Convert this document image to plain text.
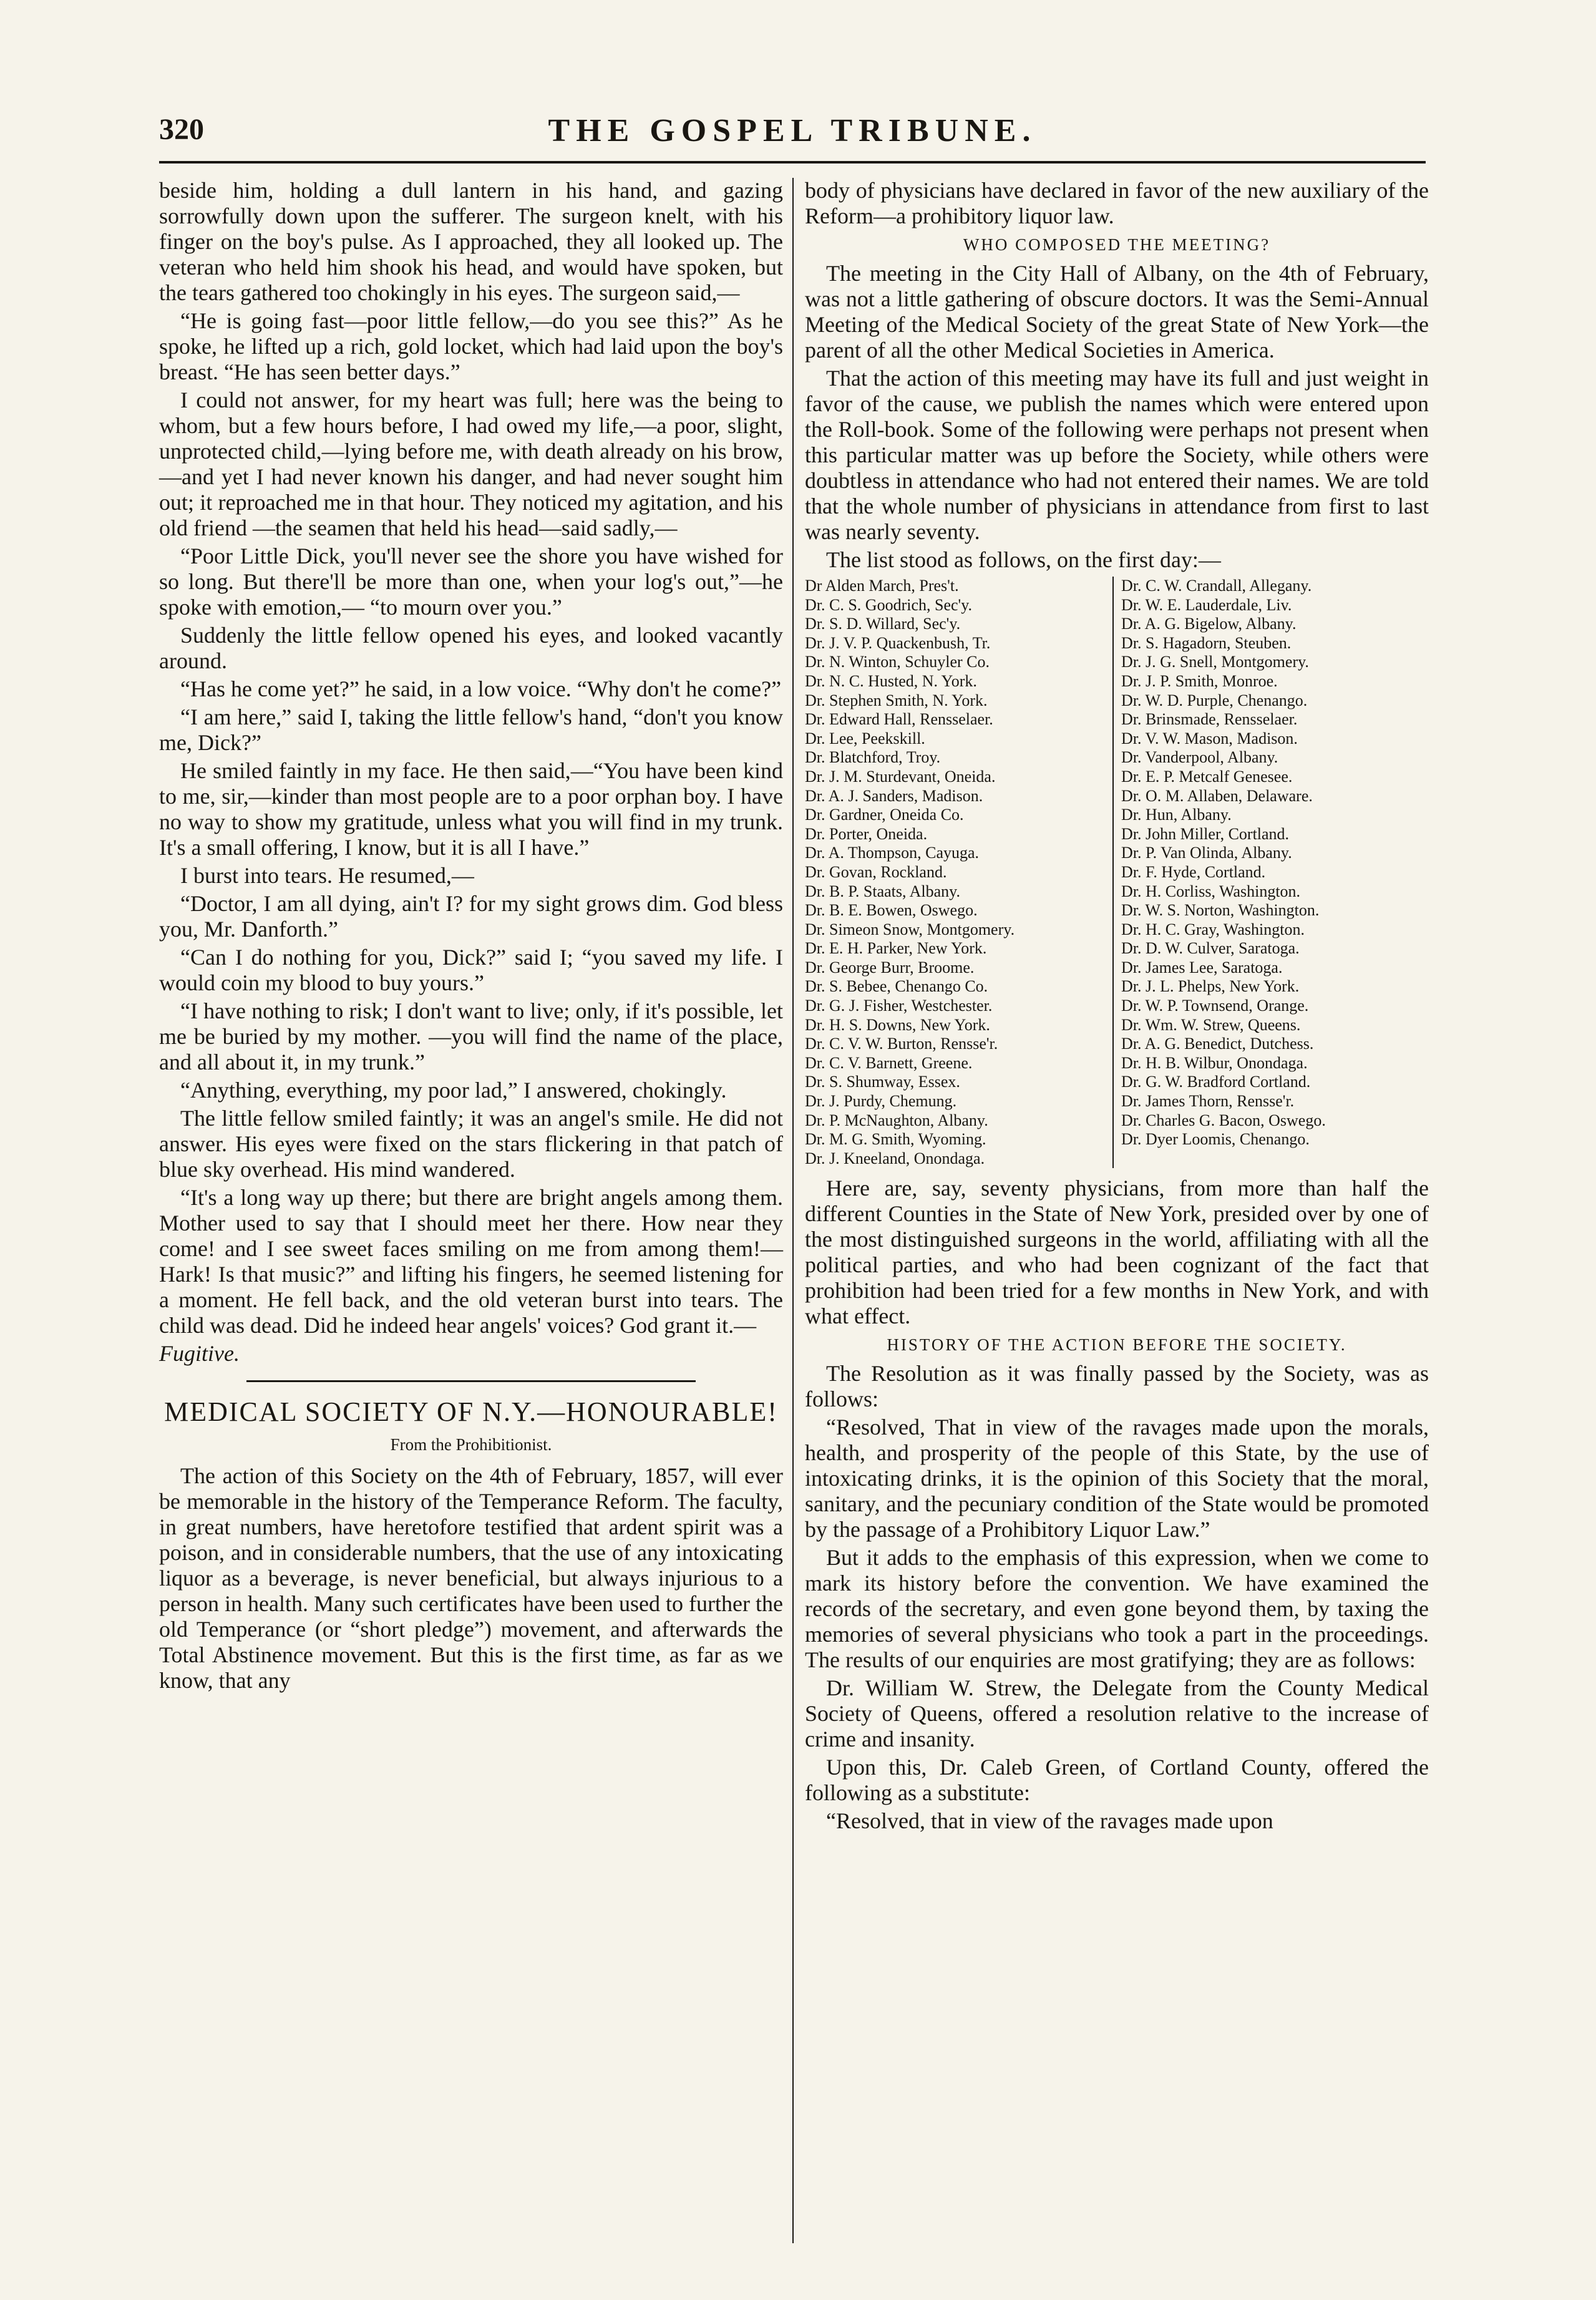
320	THE GOSPEL TRIBUNE.

beside him, holding a dull lantern in his hand, and gazing sorrowfully down upon the sufferer. The surgeon knelt, with his finger on the boy's pulse. As I approached, they all looked up. The veteran who held him shook his head, and would have spoken, but the tears gathered too chokingly in his eyes. The surgeon said,—

“He is going fast—poor little fellow,—do you see this?” As he spoke, he lifted up a rich, gold locket, which had laid upon the boy's breast. “He has seen better days.”

I could not answer, for my heart was full; here was the being to whom, but a few hours before, I had owed my life,—a poor, slight, unprotected child,—lying before me, with death already on his brow,—and yet I had never known his danger, and had never sought him out; it reproached me in that hour. They noticed my agitation, and his old friend —the seamen that held his head—said sadly,—

“Poor Little Dick, you'll never see the shore you have wished for so long. But there'll be more than one, when your log's out,”—he spoke with emotion,— “to mourn over you.”

Suddenly the little fellow opened his eyes, and looked vacantly around.

“Has he come yet?” he said, in a low voice. “Why don't he come?”

“I am here,” said I, taking the little fellow's hand, “don't you know me, Dick?”

He smiled faintly in my face. He then said,—“You have been kind to me, sir,—kinder than most people are to a poor orphan boy. I have no way to show my gratitude, unless what you will find in my trunk. It's a small offering, I know, but it is all I have.”

I burst into tears. He resumed,—

“Doctor, I am all dying, ain't I? for my sight grows dim. God bless you, Mr. Danforth.”

“Can I do nothing for you, Dick?” said I; “you saved my life. I would coin my blood to buy yours.”

“I have nothing to risk; I don't want to live; only, if it's possible, let me be buried by my mother. —you will find the name of the place, and all about it, in my trunk.”

“Anything, everything, my poor lad,” I answered, chokingly.

The little fellow smiled faintly; it was an angel's smile. He did not answer. His eyes were fixed on the stars flickering in that patch of blue sky overhead. His mind wandered.

“It's a long way up there; but there are bright angels among them. Mother used to say that I should meet her there. How near they come! and I see sweet faces smiling on me from among them!—Hark! Is that music?” and lifting his fingers, he seemed listening for a moment. He fell back, and the old veteran burst into tears. The child was dead. Did he indeed hear angels' voices? God grant it.—

Fugitive.

MEDICAL SOCIETY OF N.Y.—HONOURABLE!
From the Prohibitionist.

The action of this Society on the 4th of February, 1857, will ever be memorable in the history of the Temperance Reform. The faculty, in great numbers, have heretofore testified that ardent spirit was a poison, and in considerable numbers, that the use of any intoxicating liquor as a beverage, is never beneficial, but always injurious to a person in health. Many such certificates have been used to further the old Temperance (or “short pledge”) movement, and afterwards the Total Abstinence movement. But this is the first time, as far as we know, that any

body of physicians have declared in favor of the new auxiliary of the Reform—a prohibitory liquor law.

WHO COMPOSED THE MEETING?

The meeting in the City Hall of Albany, on the 4th of February, was not a little gathering of obscure doctors. It was the Semi-Annual Meeting of the Medical Society of the great State of New York—the parent of all the other Medical Societies in America.

That the action of this meeting may have its full and just weight in favor of the cause, we publish the names which were entered upon the Roll-book. Some of the following were perhaps not present when this particular matter was up before the Society, while others were doubtless in attendance who had not entered their names. We are told that the whole number of physicians in attendance from first to last was nearly seventy.

The list stood as follows, on the first day:—

Dr Alden March, Pres't.
Dr. C. S. Goodrich, Sec'y.
Dr. S. D. Willard, Sec'y.
Dr. J. V. P. Quackenbush, Tr.
Dr. N. Winton, Schuyler Co.
Dr. N. C. Husted, N. York.
Dr. Stephen Smith, N. York.
Dr. Edward Hall, Rensselaer.
Dr. Lee, Peekskill.
Dr. Blatchford, Troy.
Dr. J. M. Sturdevant, Oneida.
Dr. A. J. Sanders, Madison.
Dr. Gardner, Oneida Co.
Dr. Porter, Oneida.
Dr. A. Thompson, Cayuga.
Dr. Govan, Rockland.
Dr. B. P. Staats, Albany.
Dr. B. E. Bowen, Oswego.
Dr. Simeon Snow, Montgomery.
Dr. E. H. Parker, New York.
Dr. George Burr, Broome.
Dr. S. Bebee, Chenango Co.
Dr. G. J. Fisher, Westchester.
Dr. H. S. Downs, New York.
Dr. C. V. W. Burton, Rensse'r.
Dr. C. V. Barnett, Greene.
Dr. S. Shumway, Essex.
Dr. J. Purdy, Chemung.
Dr. P. McNaughton, Albany.
Dr. M. G. Smith, Wyoming.
Dr. J. Kneeland, Onondaga.
Dr. C. W. Crandall, Allegany.
Dr. W. E. Lauderdale, Liv.
Dr. A. G. Bigelow, Albany.
Dr. S. Hagadorn, Steuben.
Dr. J. G. Snell, Montgomery.
Dr. J. P. Smith, Monroe.
Dr. W. D. Purple, Chenango.
Dr. Brinsmade, Rensselaer.
Dr. V. W. Mason, Madison.
Dr. Vanderpool, Albany.
Dr. E. P. Metcalf Genesee.
Dr. O. M. Allaben, Delaware.
Dr. Hun, Albany.
Dr. John Miller, Cortland.
Dr. P. Van Olinda, Albany.
Dr. F. Hyde, Cortland.
Dr. H. Corliss, Washington.
Dr. W. S. Norton, Washington.
Dr. H. C. Gray, Washington.
Dr. D. W. Culver, Saratoga.
Dr. James Lee, Saratoga.
Dr. J. L. Phelps, New York.
Dr. W. P. Townsend, Orange.
Dr. Wm. W. Strew, Queens.
Dr. A. G. Benedict, Dutchess.
Dr. H. B. Wilbur, Onondaga.
Dr. G. W. Bradford Cortland.
Dr. James Thorn, Rensse'r.
Dr. Charles G. Bacon, Oswego.
Dr. Dyer Loomis, Chenango.

Here are, say, seventy physicians, from more than half the different Counties in the State of New York, presided over by one of the most distinguished surgeons in the world, affiliating with all the political parties, and who had been cognizant of the fact that prohibition had been tried for a few months in New York, and with what effect.

HISTORY OF THE ACTION BEFORE THE SOCIETY.

The Resolution as it was finally passed by the Society, was as follows:

“Resolved, That in view of the ravages made upon the morals, health, and prosperity of the people of this State, by the use of intoxicating drinks, it is the opinion of this Society that the moral, sanitary, and the pecuniary condition of the State would be promoted by the passage of a Prohibitory Liquor Law.”

But it adds to the emphasis of this expression, when we come to mark its history before the convention. We have examined the records of the secretary, and even gone beyond them, by taxing the memories of several physicians who took a part in the proceedings. The results of our enquiries are most gratifying; they are as follows:

Dr. William W. Strew, the Delegate from the County Medical Society of Queens, offered a resolution relative to the increase of crime and insanity.

Upon this, Dr. Caleb Green, of Cortland County, offered the following as a substitute:

“Resolved, that in view of the ravages made upon
